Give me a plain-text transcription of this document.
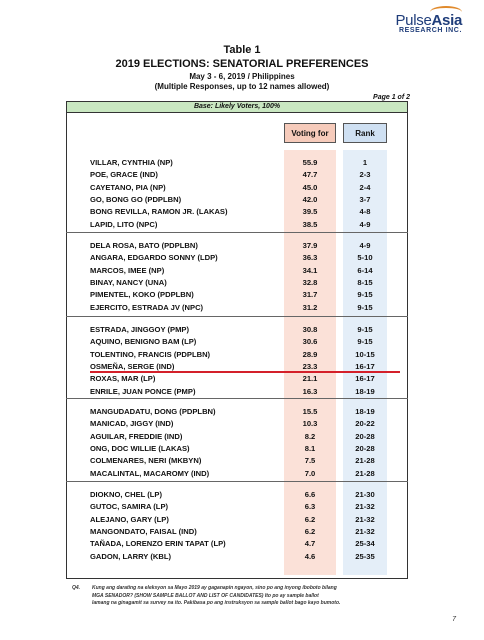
PulseAsia
RESEARCH INC.
Table 1
2019 ELECTIONS: SENATORIAL PREFERENCES
May 3 - 6, 2019 / Philippines
(Multiple Responses, up to 12 names allowed)
Page 1 of 2
Base: Likely Voters, 100%
Voting for	Rank
VILLAR, CYNTHIA (NP)	55.9	1
POE, GRACE (IND)	47.7	2-3
CAYETANO, PIA (NP)	45.0	2-4
GO, BONG GO (PDPLBN)	42.0	3-7
BONG REVILLA, RAMON JR. (LAKAS)	39.5	4-8
LAPID, LITO (NPC)	38.5	4-9
DELA ROSA, BATO (PDPLBN)	37.9	4-9
ANGARA, EDGARDO SONNY (LDP)	36.3	5-10
MARCOS, IMEE (NP)	34.1	6-14
BINAY, NANCY (UNA)	32.8	8-15
PIMENTEL, KOKO (PDPLBN)	31.7	9-15
EJERCITO, ESTRADA JV (NPC)	31.2	9-15
ESTRADA, JINGGOY (PMP)	30.8	9-15
AQUINO, BENIGNO BAM (LP)	30.6	9-15
TOLENTINO, FRANCIS (PDPLBN)	28.9	10-15
OSMEÑA, SERGE (IND)	23.3	16-17
ROXAS, MAR (LP)	21.1	16-17
ENRILE, JUAN PONCE (PMP)	16.3	18-19
MANGUDADATU, DONG (PDPLBN)	15.5	18-19
MANICAD, JIGGY (IND)	10.3	20-22
AGUILAR, FREDDIE (IND)	8.2	20-28
ONG, DOC WILLIE (LAKAS)	8.1	20-28
COLMENARES, NERI (MKBYN)	7.5	21-28
MACALINTAL, MACAROMY (IND)	7.0	21-28
DIOKNO, CHEL (LP)	6.6	21-30
GUTOC, SAMIRA (LP)	6.3	21-32
ALEJANO, GARY (LP)	6.2	21-32
MANGONDATO, FAISAL (IND)	6.2	21-32
TAÑADA, LORENZO ERIN TAPAT (LP)	4.7	25-34
GADON, LARRY (KBL)	4.6	25-35
Q4. Kung ang darating na eleksyon sa Mayo 2019 ay gaganapin ngayon, sino po ang inyong iboboto bilang
MGA SENADOR? (SHOW SAMPLE BALLOT AND LIST OF CANDIDATES) Ito po ay sample ballot
lamang na ginagamit sa survey na ito. Pakibasa po ang instruksyon sa sample ballot bago kayo bumoto.
7
